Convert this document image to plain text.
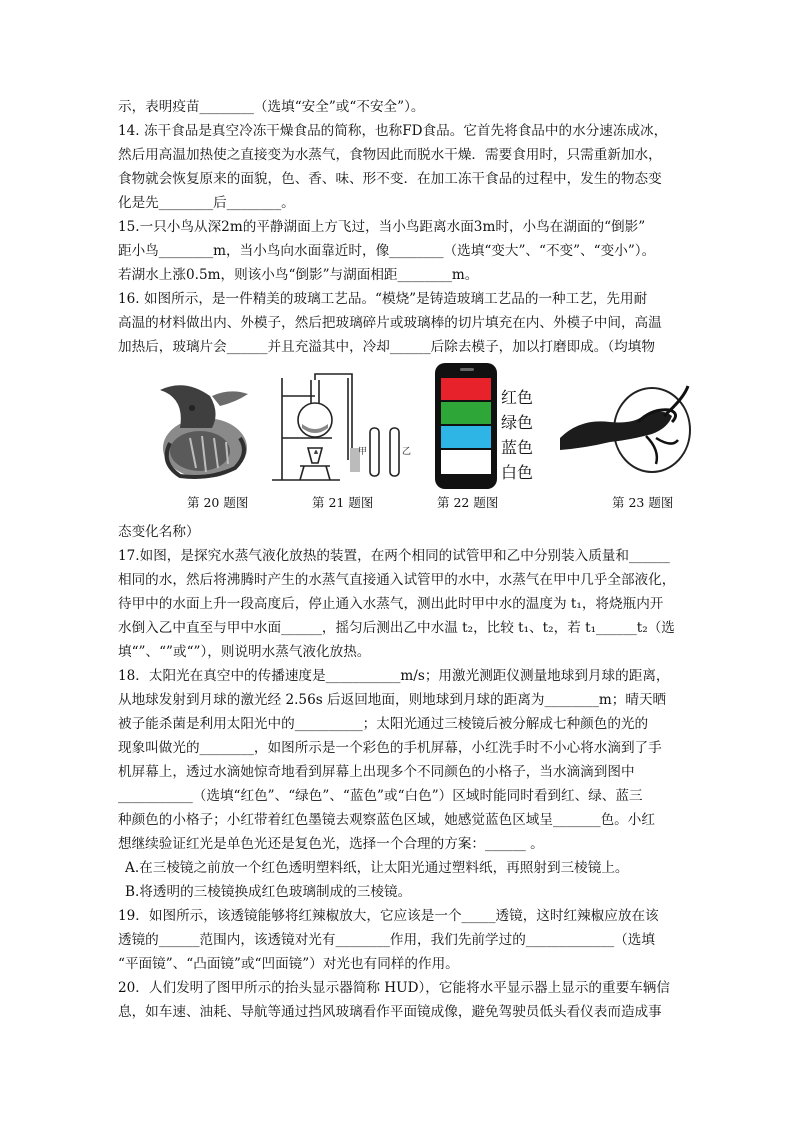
示，表明疫苗________（选填“安全”或“不安全”）。
14. 冻干食品是真空冷冻干燥食品的简称，也称FD食品。它首先将食品中的水分速冻成冰，
然后用高温加热使之直接变为水蒸气，食物因此而脱水干燥．需要食用时，只需重新加水，
食物就会恢复原来的面貌，色、香、味、形不变．在加工冻干食品的过程中，发生的物态变
化是先________后________。
15.一只小鸟从深2m的平静湖面上方飞过，当小鸟距离水面3m时，小鸟在湖面的“倒影”
距小鸟________m，当小鸟向水面靠近时，像________（选填“变大”、“不变”、“变小”）。
若湖水上涨0.5m，则该小鸟“倒影”与湖面相距________m。
16. 如图所示，是一件精美的玻璃工艺品。“模烧”是铸造玻璃工艺品的一种工艺，先用耐
高温的材料做出内、外模子，然后把玻璃碎片或玻璃棒的切片填充在内、外模子中间，高温
加热后，玻璃片会______并且充溢其中，冷却______后除去模子，加以打磨即成。（均填物
甲	乙
红色
绿色
蓝色
白色
第 20 题图	第 21 题图	第 22 题图	第 23 题图
态变化名称）
17.如图，是探究水蒸气液化放热的装置，在两个相同的试管甲和乙中分别装入质量和______
相同的水，然后将沸腾时产生的水蒸气直接通入试管甲的水中，水蒸气在甲中几乎全部液化，
待甲中的水面上升一段高度后，停止通入水蒸气，测出此时甲中水的温度为 t₁，将烧瓶内开
水倒入乙中直至与甲中水面______，摇匀后测出乙中水温 t₂，比较 t₁、t₂，若 t₁______t₂（选
填“”、“”或“”），则说明水蒸气液化放热。
18．太阳光在真空中的传播速度是___________m/s；用激光测距仪测量地球到月球的距离，
从地球发射到月球的激光经 2.56s 后返回地面，则地球到月球的距离为________m；晴天晒
被子能杀菌是利用太阳光中的__________；太阳光通过三棱镜后被分解成七种颜色的光的
现象叫做光的________，如图所示是一个彩色的手机屏幕，小红洗手时不小心将水滴到了手
机屏幕上，透过水滴她惊奇地看到屏幕上出现多个不同颜色的小格子，当水滴滴到图中
___________（选填“红色”、“绿色”、“蓝色”或“白色”）区域时能同时看到红、绿、蓝三
种颜色的小格子；小红带着红色墨镜去观察蓝色区域，她感觉蓝色区域呈_______色。小红
想继续验证红光是单色光还是复色光，选择一个合理的方案：______ 。
A.在三棱镜之前放一个红色透明塑料纸，让太阳光通过塑料纸，再照射到三棱镜上。
B.将透明的三棱镜换成红色玻璃制成的三棱镜。
19．如图所示，该透镜能够将红辣椒放大，它应该是一个_____透镜，这时红辣椒应放在该
透镜的______范围内，该透镜对光有________作用，我们先前学过的_____________（选填
“平面镜”、“凸面镜”或“凹面镜”）对光也有同样的作用。
20．人们发明了图甲所示的抬头显示器简称 HUD），它能将水平显示器上显示的重要车辆信
息，如车速、油耗、导航等通过挡风玻璃看作平面镜成像，避免驾驶员低头看仪表而造成事
